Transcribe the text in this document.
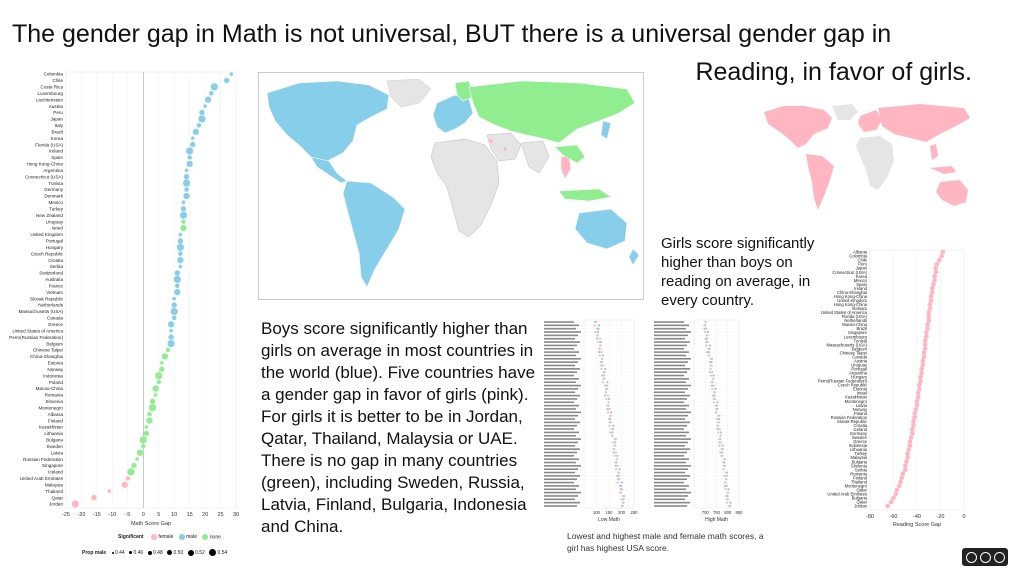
The gender gap in Math is not universal, BUT there is a universal gender gap in
Reading, in favor of girls.
-25 -20 -15 -10 -5 0 5 10 15 20 25 30
Colombia
Chile
Costa Rica
Luxembourg
Liechtenstein
Austria
Peru
Japan
Italy
Brazil
Korea
Florida (USA)
Ireland
Spain
Hong Kong-China
Argentina
Connecticut (USA)
Tunisia
Germany
Denmark
Mexico
Turkey
New Zealand
Uruguay
Israel
United Kingdom
Portugal
Hungary
Czech Republic
Croatia
Serbia
Switzerland
Australia
France
Vietnam
Slovak Republic
Netherlands
Massachusetts (USA)
Canada
Greece
United States of America
Perm(Russian Federation)
Belgium
Chinese Taipei
China-Shanghai
Estonia
Norway
Indonesia
Poland
Macao-China
Romania
Slovenia
Montenegro
Albania
Finland
Kazakhstan
Lithuania
Bulgaria
Sweden
Latvia
Russian Federation
Singapore
Iceland
United Arab Emirates
Malaysia
Thailand
Qatar
Jordan
Math Score Gap
Boys score significantly higher than girls on average in most countries in the world (blue). Five countries have a gender gap in favor of girls (pink). For girls it is better to be in Jordan, Qatar, Thailand, Malaysia or UAE. There is no gap in many countries (green), including Sweden, Russia, Latvia, Finland, Bulgaria, Indonesia and China.
Girls score significantly higher than boys on reading on average, in every country.
Lowest and highest male and female math scores, a girl has highest USA score.
100 150 200 250
Low Math
700 750 800 850
High Math	-80	-60	-40	-20	0
Albania
Colombia
Chile
Peru
Japan
Connecticut (USA)
Korea
Mexico
Spain
Ireland
China-Shanghai
Hong Kong-China
United Kingdom
Hong Kong-China
Vietnam
United States of America
Florida (USA)
Netherlands
Macao-China
Brazil
Singapore
Luxembourg
Tunisia
Massachusetts (USA)
Belgium
Chinese Taipei
Canada
Austria
Uruguay
Portugal
Argentina
Hungary
Perm(Russian Federation)
Czech Republic
Estonia
Israel
Kazakhstan
Montenegro
Latvia
Norway
Poland
Russian Federation
Slovak Republic
Croatia
Iceland
Germany
Sweden
Greece
Indonesia
Lithuania
Turkey
Malaysia
Bulgaria
Slovenia
Serbia
Romania
Finland
Thailand
Montenegro
Qatar
United Arab Emirates
Bulgaria
Qatar
Jordan
Reading Score Gap
Significant	female	male	none
Prop male 0.44 0.46 0.48 0.50 0.52	0.54
